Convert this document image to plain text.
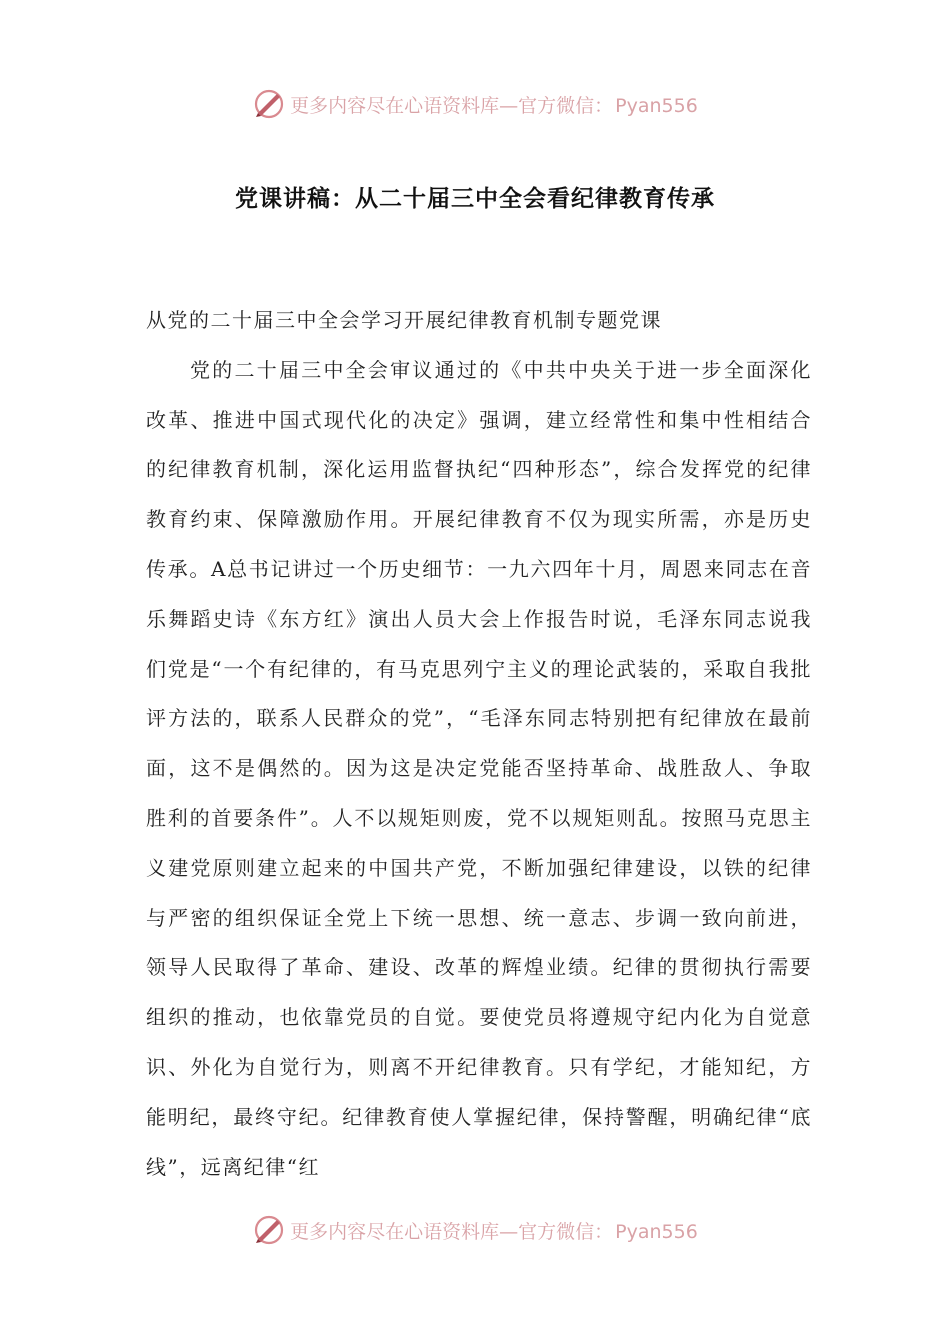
更多内容尽在心语资料库—官方微信： Pyan556
党课讲稿：从二十届三中全会看纪律教育传承

从党的二十届三中全会学习开展纪律教育机制专题党课

党的二十届三中全会审议通过的《中共中央关于进一步全面深化改革、推进中国式现代化的决定》强调，建立经常性和集中性相结合的纪律教育机制，深化运用监督执纪“四种形态”，综合发挥党的纪律教育约束、保障激励作用。开展纪律教育不仅为现实所需，亦是历史传承。A总书记讲过一个历史细节：一九六四年十月，周恩来同志在音乐舞蹈史诗《东方红》演出人员大会上作报告时说，毛泽东同志说我们党是“一个有纪律的，有马克思列宁主义的理论武装的，采取自我批评方法的，联系人民群众的党”，“毛泽东同志特别把有纪律放在最前面，这不是偶然的。因为这是决定党能否坚持革命、战胜敌人、争取胜利的首要条件”。人不以规矩则废，党不以规矩则乱。按照马克思主义建党原则建立起来的中国共产党，不断加强纪律建设，以铁的纪律与严密的组织保证全党上下统一思想、统一意志、步调一致向前进，领导人民取得了革命、建设、改革的辉煌业绩。纪律的贯彻执行需要组织的推动，也依靠党员的自觉。要使党员将遵规守纪内化为自觉意识、外化为自觉行为，则离不开纪律教育。只有学纪，才能知纪，方能明纪，最终守纪。纪律教育使人掌握纪律，保持警醒，明确纪律“底线”，远离纪律“红

更多内容尽在心语资料库—官方微信： Pyan556
